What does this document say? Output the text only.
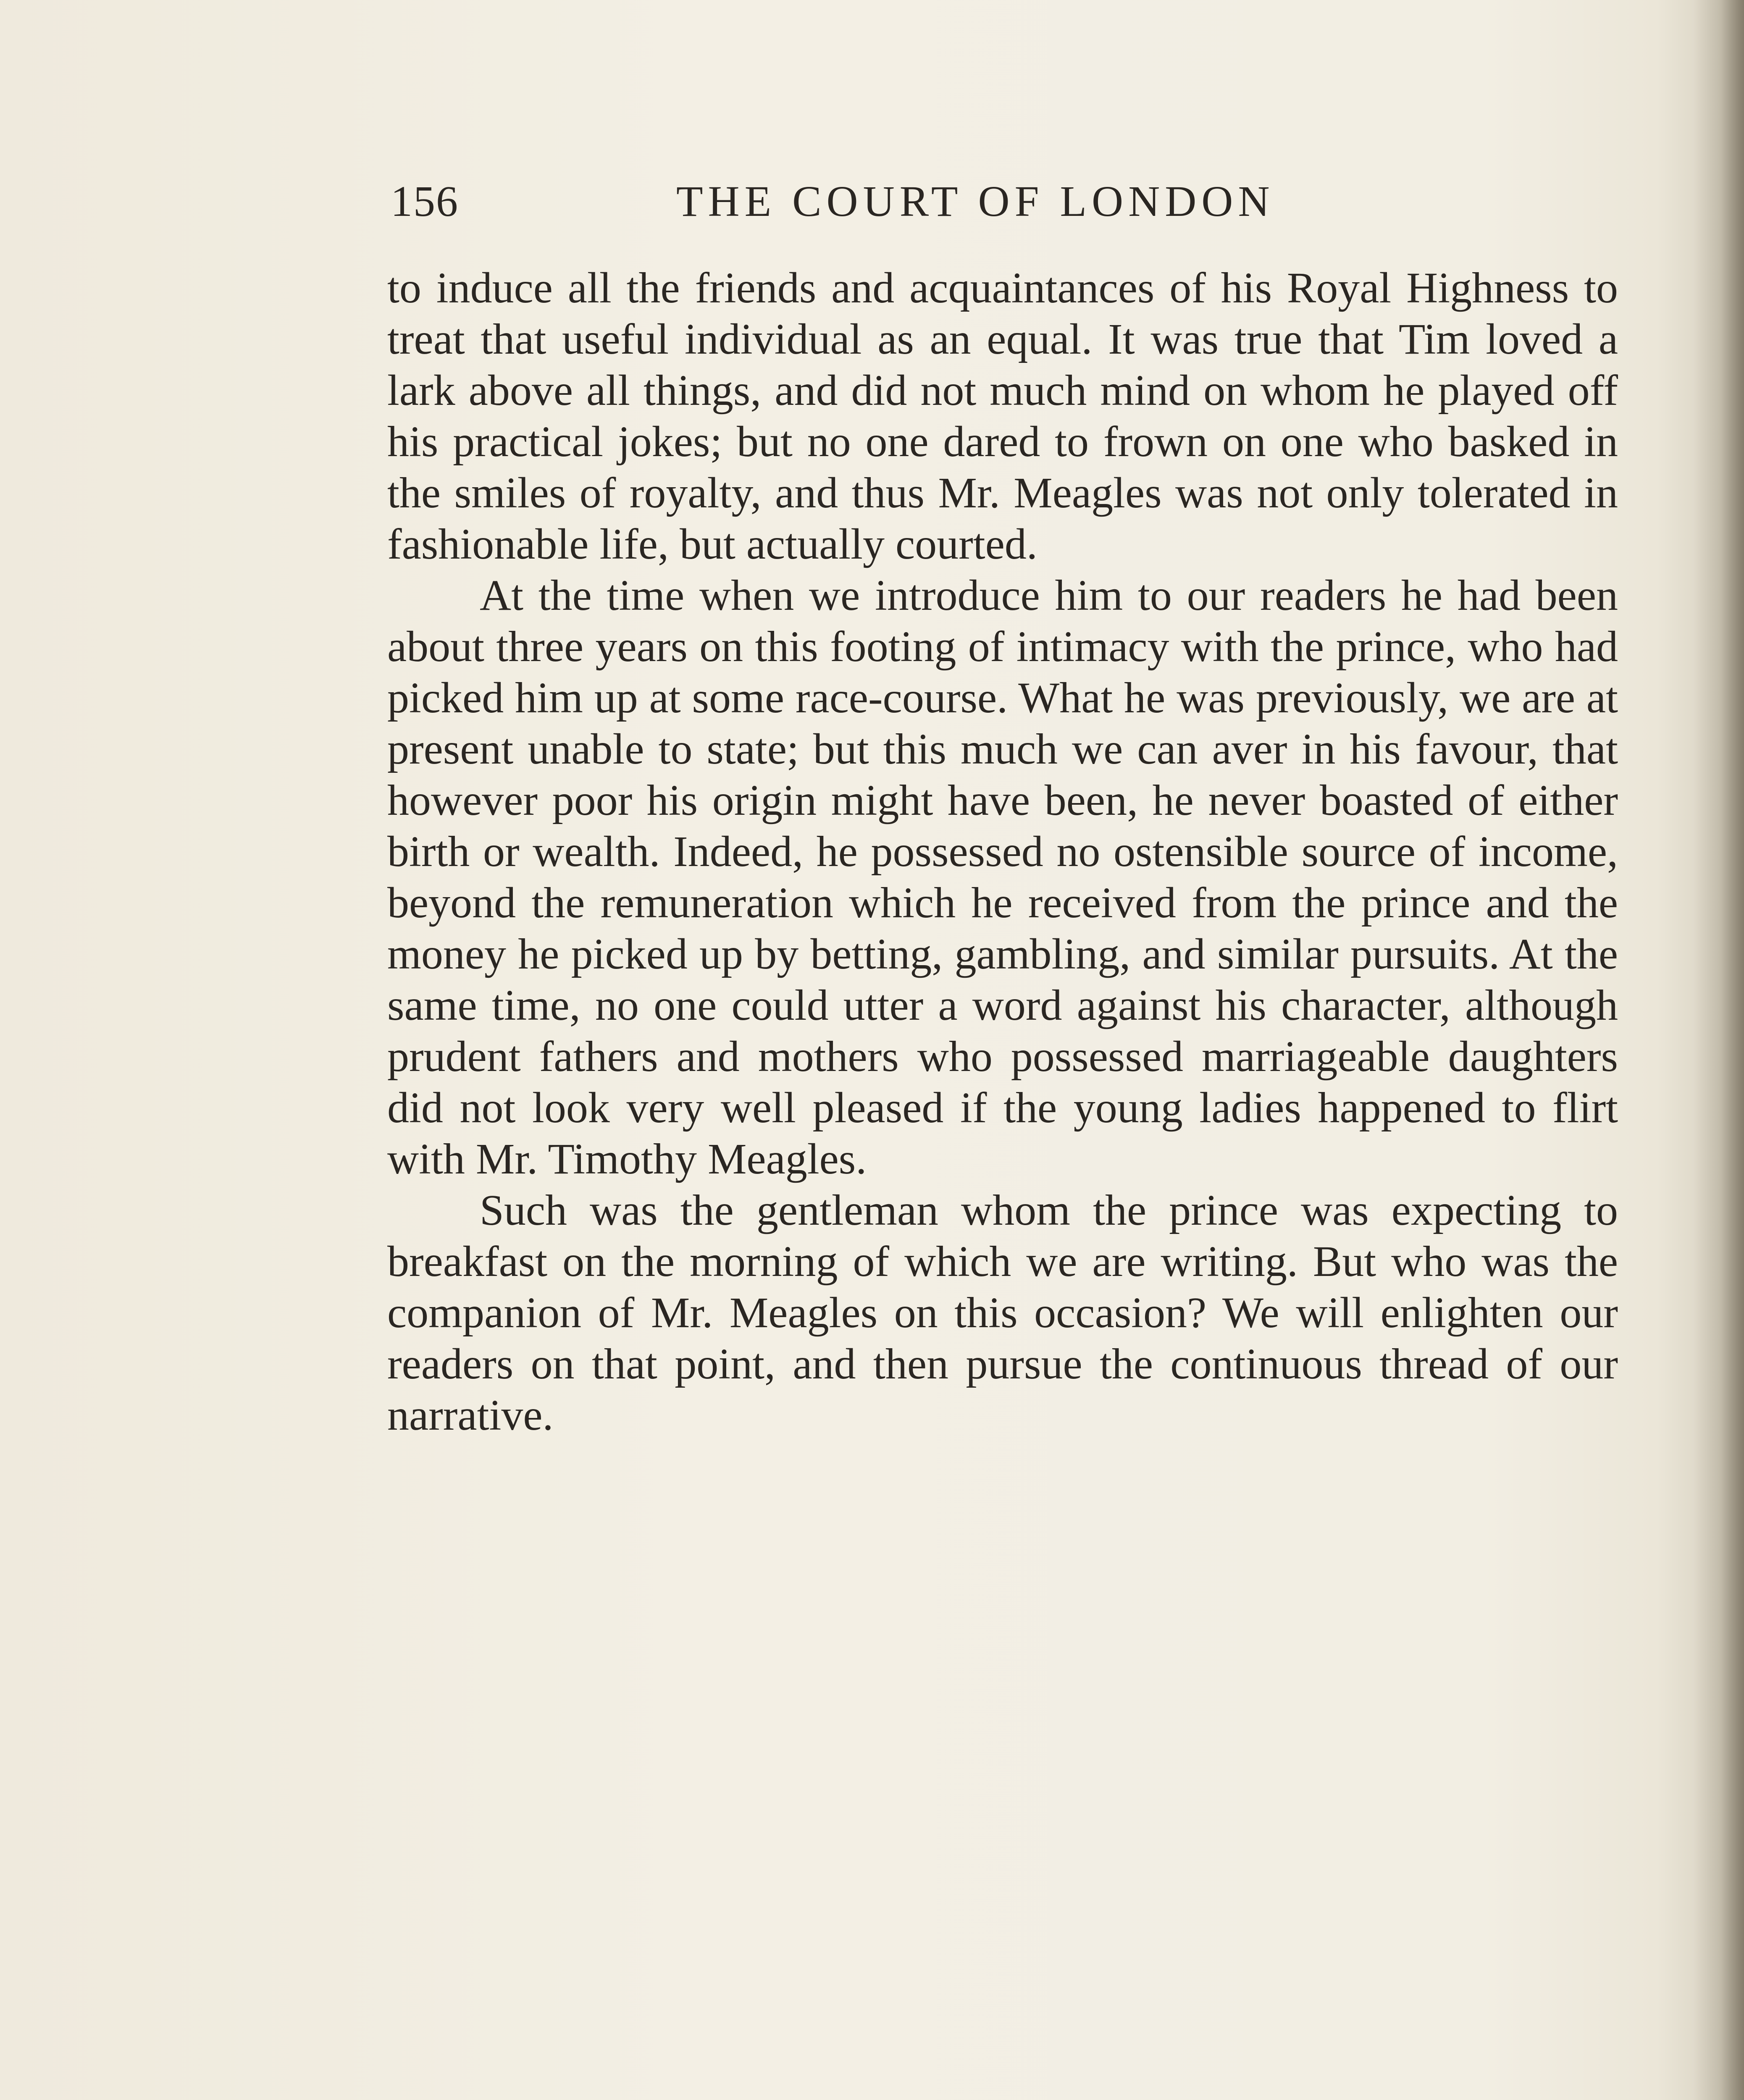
156	THE COURT OF LONDON

to induce all the friends and acquaintances of his Royal Highness to treat that useful individual as an equal. It was true that Tim loved a lark above all things, and did not much mind on whom he played off his practical jokes; but no one dared to frown on one who basked in the smiles of royalty, and thus Mr. Meagles was not only tolerated in fashionable life, but actually courted.

At the time when we introduce him to our readers he had been about three years on this footing of intimacy with the prince, who had picked him up at some race-course. What he was previously, we are at present unable to state; but this much we can aver in his favour, that however poor his origin might have been, he never boasted of either birth or wealth. Indeed, he possessed no ostensible source of income, beyond the remuneration which he received from the prince and the money he picked up by betting, gambling, and similar pursuits. At the same time, no one could utter a word against his character, although prudent fathers and mothers who possessed marriageable daughters did not look very well pleased if the young ladies happened to flirt with Mr. Timothy Meagles.

Such was the gentleman whom the prince was expecting to breakfast on the morning of which we are writing. But who was the companion of Mr. Meagles on this occasion? We will enlighten our readers on that point, and then pursue the continuous thread of our narrative.
